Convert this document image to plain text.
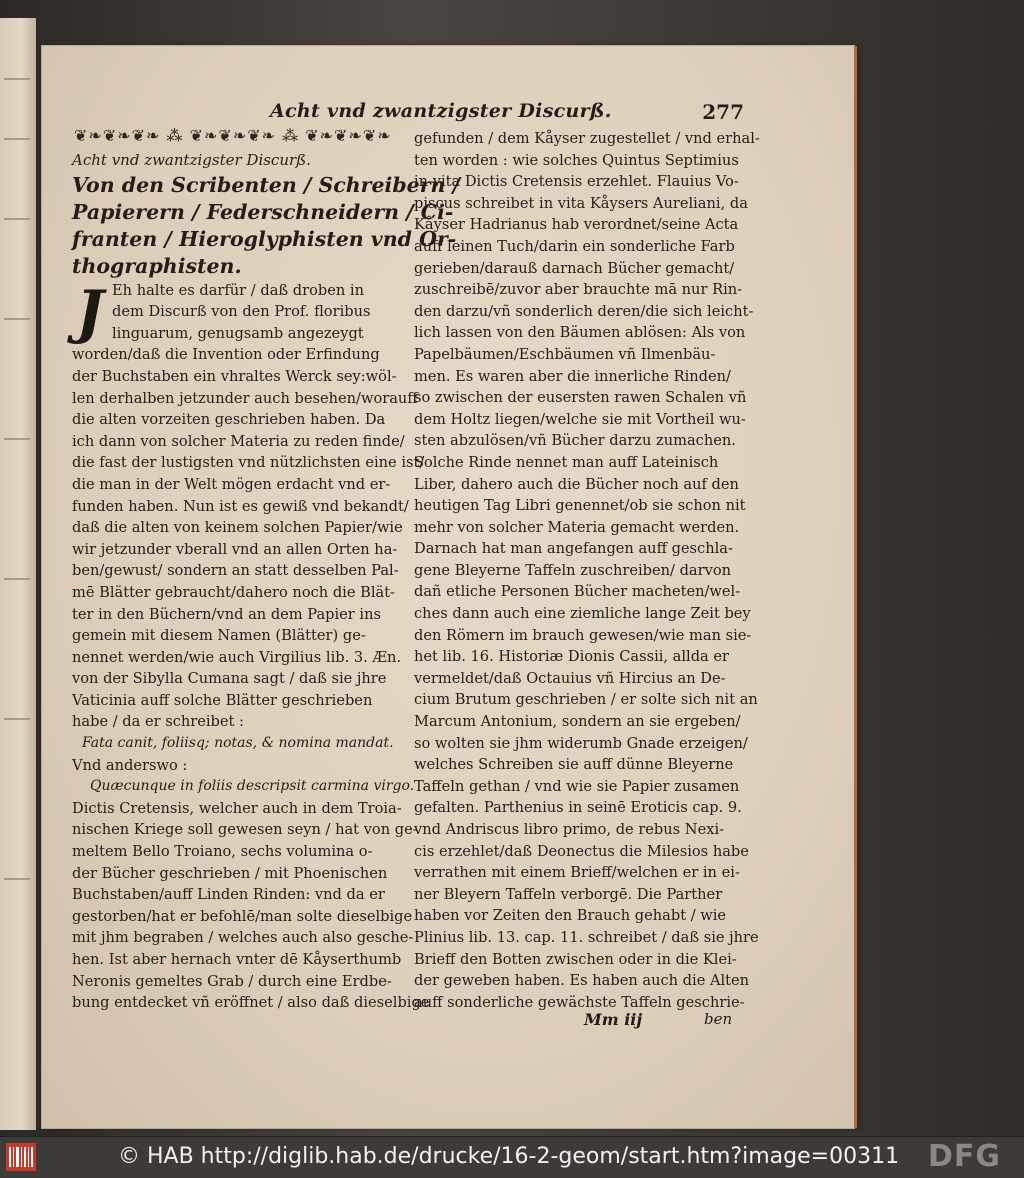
Acht vnd zwantzigster Discurß.	277
❦❧❦❧❦❧ ⁂ ❦❧❦❧❦❧ ⁂ ❦❧❦❧❦❧
Acht vnd zwantzigster Discurß.
Von den Scribenten / Schreibern /
Papierern / Federschneidern / Ci-
franten / Hieroglyphisten vnd Or-
thographisten.
J Eh halte es darfür / daß droben in
dem Discurß von den Prof. floribus
linguarum, genugsamb angezeygt
worden/daß die Invention oder Erfindung
der Buchstaben ein vhraltes Werck sey:wöl-
len derhalben jetzunder auch besehen/worauff
die alten vorzeiten geschrieben haben. Da
ich dann von solcher Materia zu reden finde/
die fast der lustigsten vnd nützlichsten eine ist/
die man in der Welt mögen erdacht vnd er-
funden haben. Nun ist es gewiß vnd bekandt/
daß die alten von keinem solchen Papier/wie
wir jetzunder vberall vnd an allen Orten ha-
ben/gewust/ sondern an statt desselben Pal-
mē Blätter gebraucht/dahero noch die Blät-
ter in den Büchern/vnd an dem Papier ins
gemein mit diesem Namen (Blätter) ge-
nennet werden/wie auch Virgilius lib. 3. Æn.
von der Sibylla Cumana sagt / daß sie jhre
Vaticinia auff solche Blätter geschrieben
habe / da er schreibet :
Fata canit, foliisq; notas, & nomina mandat.
Vnd anderswo :
Quæcunque in foliis descripsit carmina virgo.
Dictis Cretensis, welcher auch in dem Troia-
nischen Kriege soll gewesen seyn / hat von ge-
meltem Bello Troiano, sechs volumina o-
der Bücher geschrieben / mit Phoenischen
Buchstaben/auff Linden Rinden: vnd da er
gestorben/hat er befohlē/man solte dieselbige
mit jhm begraben / welches auch also gesche-
hen. Ist aber hernach vnter dē Kåyserthumb
Neronis gemeltes Grab / durch eine Erdbe-
bung entdecket vñ eröffnet / also daß dieselbige
gefunden / dem Kåyser zugestellet / vnd erhal-
ten worden : wie solches Quintus Septimius
in vita Dictis Cretensis erzehlet. Flauius Vo-
piscus schreibet in vita Kåysers Aureliani, da
Kåyser Hadrianus hab verordnet/seine Acta
auff leinen Tuch/darin ein sonderliche Farb
gerieben/darauß darnach Bücher gemacht/
zuschreibē/zuvor aber brauchte mā nur Rin-
den darzu/vñ sonderlich deren/die sich leicht-
lich lassen von den Bäumen ablösen: Als von
Papelbäumen/Eschbäumen vñ Ilmenbäu-
men. Es waren aber die innerliche Rinden/
so zwischen der eusersten rawen Schalen vñ
dem Holtz liegen/welche sie mit Vortheil wu-
sten abzulösen/vñ Bücher darzu zumachen.
Solche Rinde nennet man auff Lateinisch
Liber, dahero auch die Bücher noch auf den
heutigen Tag Libri genennet/ob sie schon nit
mehr von solcher Materia gemacht werden.
Darnach hat man angefangen auff geschla-
gene Bleyerne Taffeln zuschreiben/ darvon
dañ etliche Personen Bücher macheten/wel-
ches dann auch eine ziemliche lange Zeit bey
den Römern im brauch gewesen/wie man sie-
het lib. 16. Historiæ Dionis Cassii, allda er
vermeldet/daß Octauius vñ Hircius an De-
cium Brutum geschrieben / er solte sich nit an
Marcum Antonium, sondern an sie ergeben/
so wolten sie jhm widerumb Gnade erzeigen/
welches Schreiben sie auff dünne Bleyerne
Taffeln gethan / vnd wie sie Papier zusamen
gefalten. Parthenius in seinē Eroticis cap. 9.
vnd Andriscus libro primo, de rebus Nexi-
cis erzehlet/daß Deonectus die Milesios habe
verrathen mit einem Brieff/welchen er in ei-
ner Bleyern Taffeln verborgē. Die Parther
haben vor Zeiten den Brauch gehabt / wie
Plinius lib. 13. cap. 11. schreibet / daß sie jhre
Brieff den Botten zwischen oder in die Klei-
der geweben haben. Es haben auch die Alten
auff sonderliche gewächste Taffeln geschrie-
Mm iij	ben
© HAB http://diglib.hab.de/drucke/16-2-geom/start.htm?image=00311 DFG
